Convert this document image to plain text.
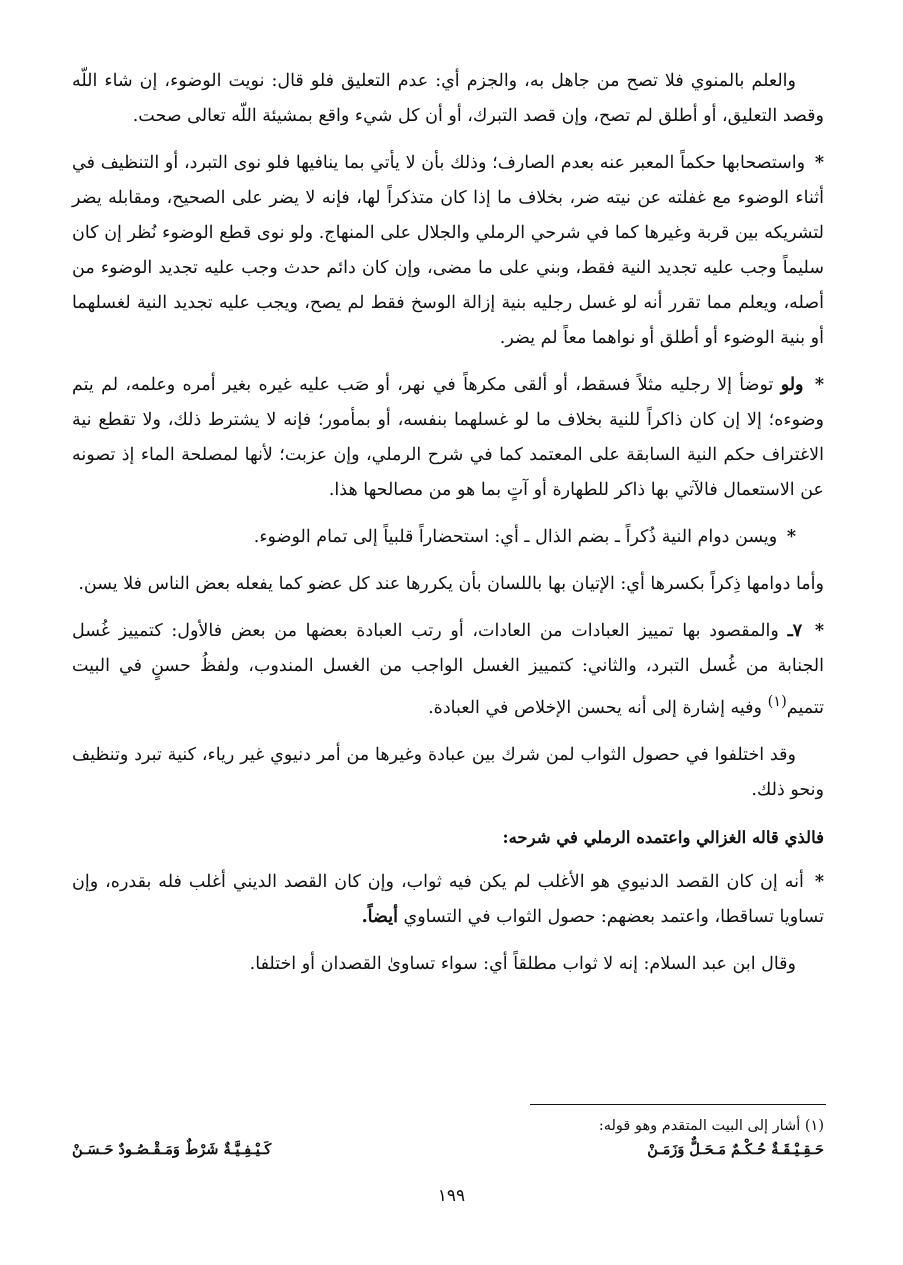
والعلم بالمنوي فلا تصح من جاهل به، والجزم أي: عدم التعليق فلو قال: نويت الوضوء، إن شاء اللّه وقصد التعليق، أو أطلق لم تصح، وإن قصد التبرك، أو أن كل شيء واقع بمشيئة اللّه تعالى صحت.

* واستصحابها حكماً المعبر عنه بعدم الصارف؛ وذلك بأن لا يأتي بما ينافيها فلو نوى التبرد، أو التنظيف في أثناء الوضوء مع غفلته عن نيته ضر، بخلاف ما إذا كان متذكراً لها، فإنه لا يضر على الصحيح، ومقابله يضر لتشريكه بين قربة وغيرها كما في شرحي الرملي والجلال على المنهاج. ولو نوى قطع الوضوء نُظر إن كان سليماً وجب عليه تجديد النية فقط، وبني على ما مضى، وإن كان دائم حدث وجب عليه تجديد الوضوء من أصله، ويعلم مما تقرر أنه لو غسل رجليه بنية إزالة الوسخ فقط لم يصح، ويجب عليه تجديد النية لغسلهما أو بنية الوضوء أو أطلق أو نواهما معاً لم يضر.

* ولو توضأ إلا رجليه مثلاً فسقط، أو ألقى مكرهاً في نهر، أو صَب عليه غيره بغير أمره وعلمه، لم يتم وضوءه؛ إلا إن كان ذاكراً للنية بخلاف ما لو غسلهما بنفسه، أو بمأمور؛ فإنه لا يشترط ذلك، ولا تقطع نية الاغتراف حكم النية السابقة على المعتمد كما في شرح الرملي، وإن عزبت؛ لأنها لمصلحة الماء إذ تصونه عن الاستعمال فالآتي بها ذاكر للطهارة أو آتٍ بما هو من مصالحها هذا.

* ويسن دوام النية ذُكراً ـ بضم الذال ـ أي: استحضاراً قلبياً إلى تمام الوضوء.

وأما دوامها ذِكراً بكسرها أي: الإتيان بها باللسان بأن يكررها عند كل عضو كما يفعله بعض الناس فلا يسن.

* ٧ـ والمقصود بها تمييز العبادات من العادات، أو رتب العبادة بعضها من بعض فالأول: كتمييز غُسل الجنابة من غُسل التبرد، والثاني: كتمييز الغسل الواجب من الغسل المندوب، ولفظُ حسنٍ في البيت تتميم$^{(١)}$ وفيه إشارة إلى أنه يحسن الإخلاص في العبادة.

وقد اختلفوا في حصول الثواب لمن شرك بين عبادة وغيرها من أمر دنيوي غير رياء، كنية تبرد وتنظيف ونحو ذلك.

فالذي قاله الغزالي واعتمده الرملي في شرحه:

* أنه إن كان القصد الدنيوي هو الأغلب لم يكن فيه ثواب، وإن كان القصد الديني أغلب فله بقدره، وإن تساويا تساقطا، واعتمد بعضهم: حصول الثواب في التساوي أيضاً.

وقال ابن عبد السلام: إنه لا ثواب مطلقاً أي: سواء تساوىٰ القصدان أو اختلفا.

(١) أشار إلى البيت المتقدم وهو قوله:
حَـقِـيْـقَـةٌ حُـكْـمٌ مَـحَـلٌّ وَزَمَـنْ
كَـيْـفِـيَّـةٌ شَرْطٌ وَمَـقْـصُـودٌ حَـسَـنْ
١٩٩
